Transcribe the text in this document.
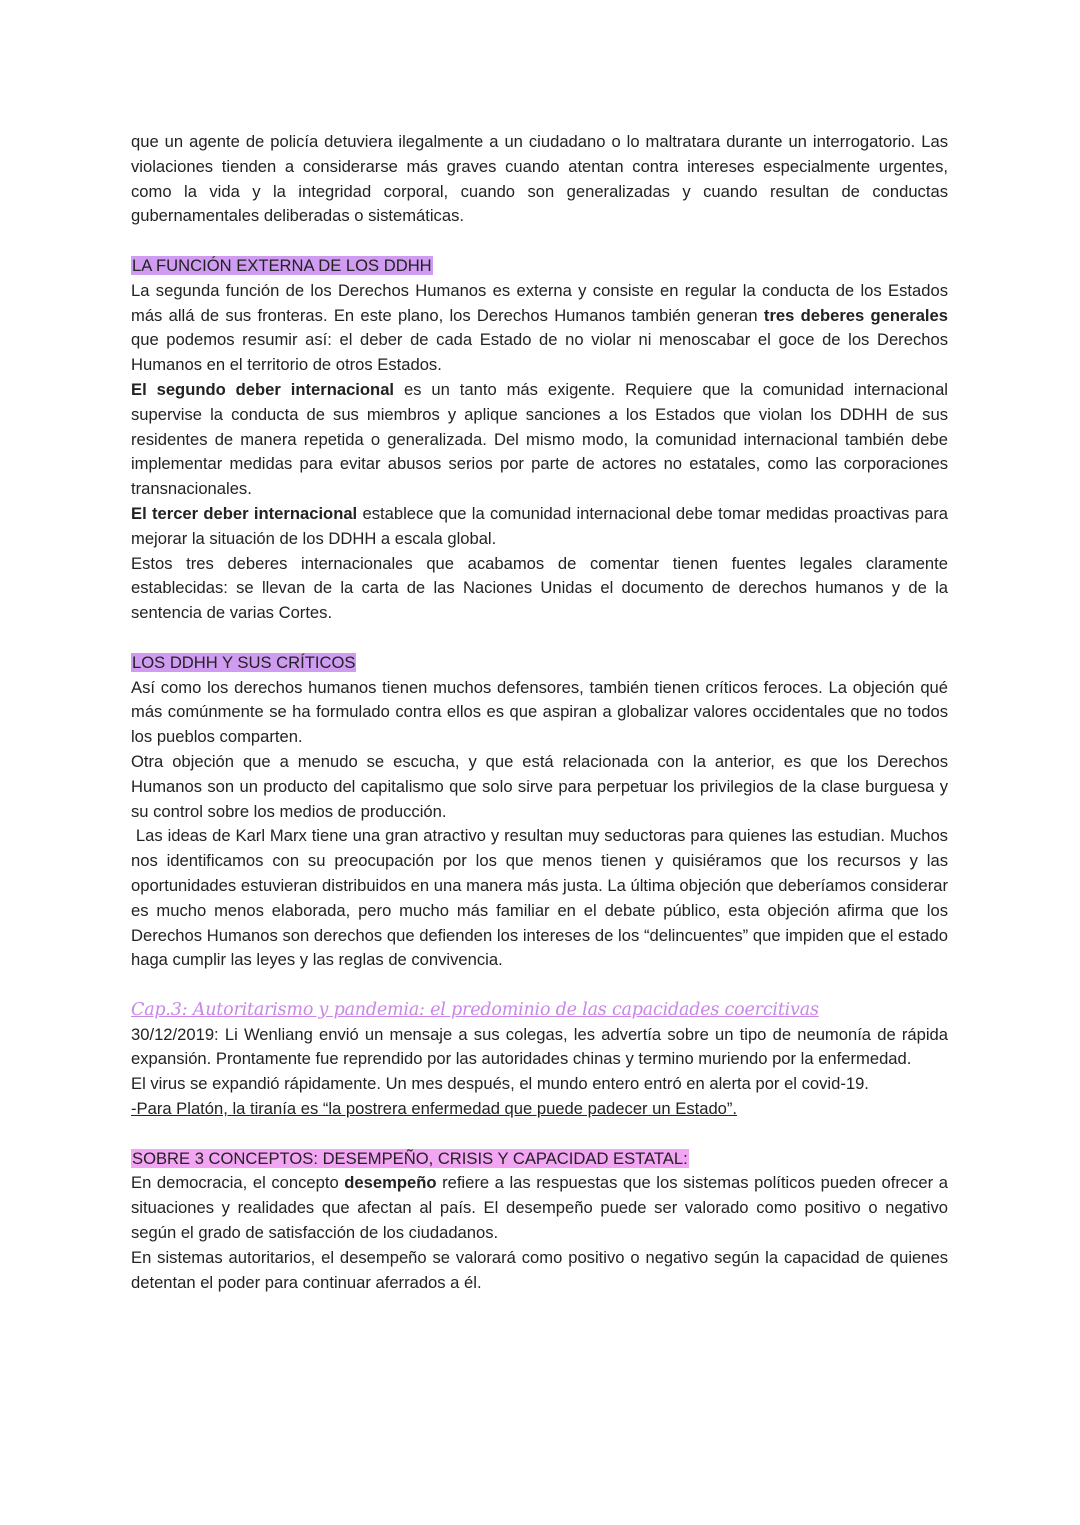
que un agente de policía detuviera ilegalmente a un ciudadano o lo maltratara durante un interrogatorio. Las violaciones tienden a considerarse más graves cuando atentan contra intereses especialmente urgentes, como la vida y la integridad corporal, cuando son generalizadas y cuando resultan de conductas gubernamentales deliberadas o sistemáticas.

LA FUNCIÓN EXTERNA DE LOS DDHH

La segunda función de los Derechos Humanos es externa y consiste en regular la conducta de los Estados más allá de sus fronteras. En este plano, los Derechos Humanos también generan tres deberes generales que podemos resumir así: el deber de cada Estado de no violar ni menoscabar el goce de los Derechos Humanos en el territorio de otros Estados.

El segundo deber internacional es un tanto más exigente. Requiere que la comunidad internacional supervise la conducta de sus miembros y aplique sanciones a los Estados que violan los DDHH de sus residentes de manera repetida o generalizada. Del mismo modo, la comunidad internacional también debe implementar medidas para evitar abusos serios por parte de actores no estatales, como las corporaciones transnacionales.

El tercer deber internacional establece que la comunidad internacional debe tomar medidas proactivas para mejorar la situación de los DDHH a escala global.

Estos tres deberes internacionales que acabamos de comentar tienen fuentes legales claramente establecidas: se llevan de la carta de las Naciones Unidas el documento de derechos humanos y de la sentencia de varias Cortes.

LOS DDHH Y SUS CRÍTICOS

Así como los derechos humanos tienen muchos defensores, también tienen críticos feroces. La objeción qué más comúnmente se ha formulado contra ellos es que aspiran a globalizar valores occidentales que no todos los pueblos comparten.

Otra objeción que a menudo se escucha, y que está relacionada con la anterior, es que los Derechos Humanos son un producto del capitalismo que solo sirve para perpetuar los privilegios de la clase burguesa y su control sobre los medios de producción.

Las ideas de Karl Marx tiene una gran atractivo y resultan muy seductoras para quienes las estudian. Muchos nos identificamos con su preocupación por los que menos tienen y quisiéramos que los recursos y las oportunidades estuvieran distribuidos en una manera más justa. La última objeción que deberíamos considerar es mucho menos elaborada, pero mucho más familiar en el debate público, esta objeción afirma que los Derechos Humanos son derechos que defienden los intereses de los “delincuentes” que impiden que el estado haga cumplir las leyes y las reglas de convivencia.

Cap.3: Autoritarismo y pandemia: el predominio de las capacidades coercitivas

30/12/2019: Li Wenliang envió un mensaje a sus colegas, les advertía sobre un tipo de neumonía de rápida expansión. Prontamente fue reprendido por las autoridades chinas y termino muriendo por la enfermedad.

El virus se expandió rápidamente. Un mes después, el mundo entero entró en alerta por el covid-19.

-Para Platón, la tiranía es “la postrera enfermedad que puede padecer un Estado”.

SOBRE 3 CONCEPTOS: DESEMPEÑO, CRISIS Y CAPACIDAD ESTATAL:

En democracia, el concepto desempeño refiere a las respuestas que los sistemas políticos pueden ofrecer a situaciones y realidades que afectan al país. El desempeño puede ser valorado como positivo o negativo según el grado de satisfacción de los ciudadanos.

En sistemas autoritarios, el desempeño se valorará como positivo o negativo según la capacidad de quienes detentan el poder para continuar aferrados a él.
